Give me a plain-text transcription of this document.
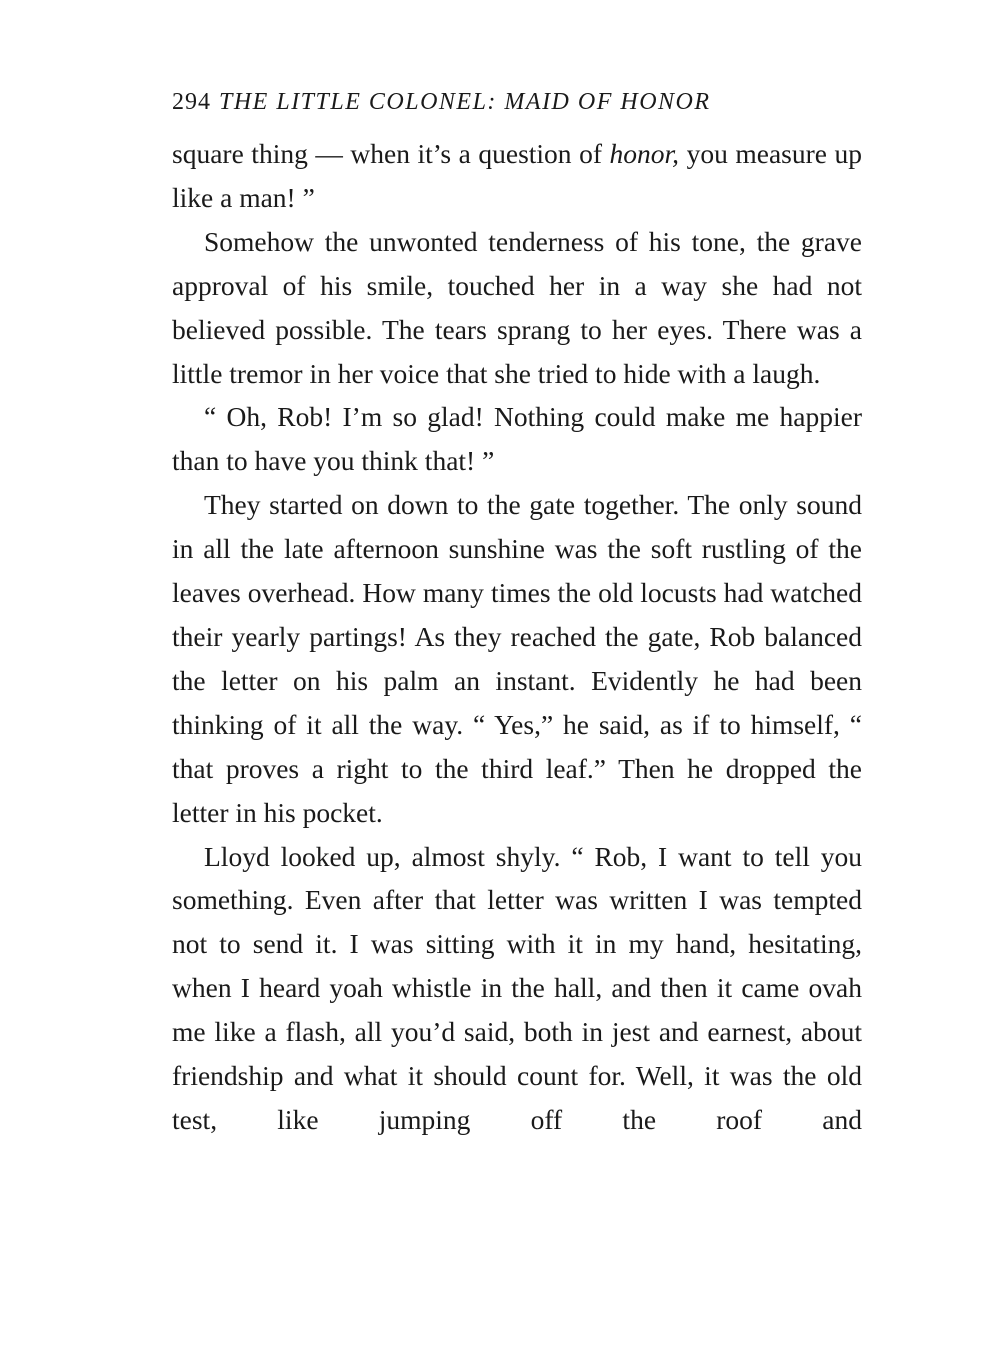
294 THE LITTLE COLONEL: MAID OF HONOR

square thing — when it’s a question of honor, you measure up like a man! ”

Somehow the unwonted tenderness of his tone, the grave approval of his smile, touched her in a way she had not believed possible. The tears sprang to her eyes. There was a little tremor in her voice that she tried to hide with a laugh.

“ Oh, Rob! I’m so glad! Nothing could make me happier than to have you think that! ”

They started on down to the gate together. The only sound in all the late afternoon sunshine was the soft rustling of the leaves overhead. How many times the old locusts had watched their yearly partings! As they reached the gate, Rob balanced the letter on his palm an instant. Evidently he had been thinking of it all the way. “ Yes,” he said, as if to himself, “ that proves a right to the third leaf.” Then he dropped the letter in his pocket.

Lloyd looked up, almost shyly. “ Rob, I want to tell you something. Even after that letter was written I was tempted not to send it. I was sitting with it in my hand, hesitating, when I heard yoah whistle in the hall, and then it came ovah me like a flash, all you’d said, both in jest and earnest, about friendship and what it should count for. Well, it was the old test, like jumping off the roof and
